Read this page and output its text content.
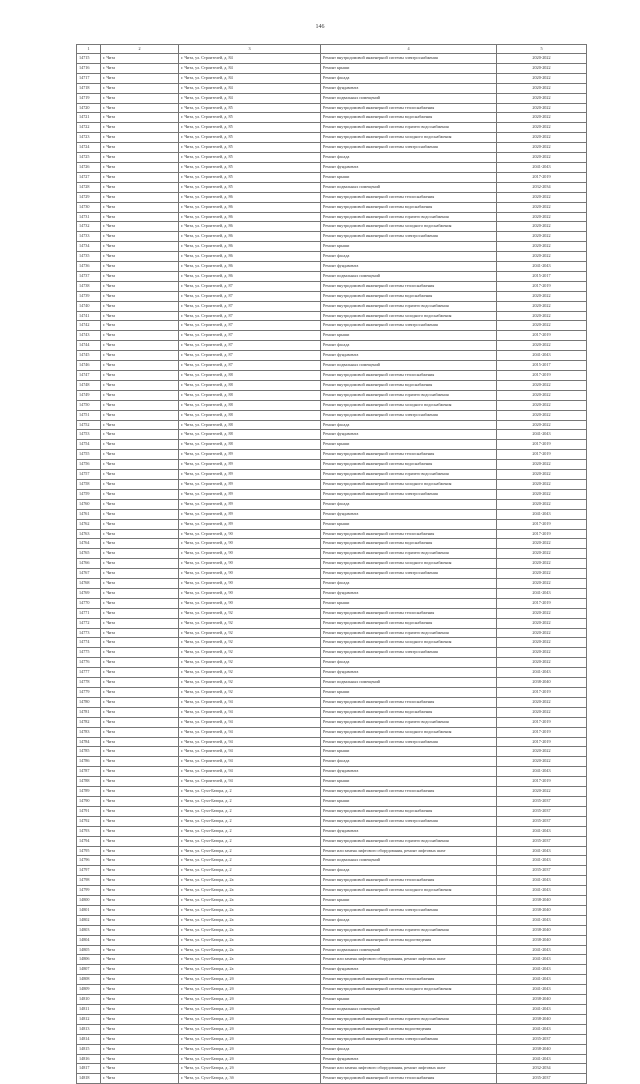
146
1	2	3	4	5
14715	г. Чита	г. Чита, ул. Строителей, д. 84	Ремонт внутридомовой инженерной системы электроснабжения	2020-2022
14716	г. Чита	г. Чита, ул. Строителей, д. 84	Ремонт крыши	2020-2022
14717	г. Чита	г. Чита, ул. Строителей, д. 84	Ремонт фасада	2020-2022
14718	г. Чита	г. Чита, ул. Строителей, д. 84	Ремонт фундамента	2020-2022
14719	г. Чита	г. Чита, ул. Строителей, д. 84	Ремонт подвальных помещений	2020-2022
14720	г. Чита	г. Чита, ул. Строителей, д. 85	Ремонт внутридомовой инженерной системы теплоснабжения	2020-2022
14721	г. Чита	г. Чита, ул. Строителей, д. 85	Ремонт внутридомовой инженерной системы водоснабжения	2020-2022
14722	г. Чита	г. Чита, ул. Строителей, д. 85	Ремонт внутридомовой инженерной системы горячего водоснабжения	2020-2022
14723	г. Чита	г. Чита, ул. Строителей, д. 85	Ремонт внутридомовой инженерной системы холодного водоснабжения	2020-2022
14724	г. Чита	г. Чита, ул. Строителей, д. 85	Ремонт внутридомовой инженерной системы электроснабжения	2020-2022
14725	г. Чита	г. Чита, ул. Строителей, д. 85	Ремонт фасада	2020-2022
14726	г. Чита	г. Чита, ул. Строителей, д. 85	Ремонт фундамента	2041-2043
14727	г. Чита	г. Чита, ул. Строителей, д. 85	Ремонт крыши	2017-2019
14728	г. Чита	г. Чита, ул. Строителей, д. 85	Ремонт подвальных помещений	2032-2034
14729	г. Чита	г. Чита, ул. Строителей, д. 86	Ремонт внутридомовой инженерной системы теплоснабжения	2020-2022
14730	г. Чита	г. Чита, ул. Строителей, д. 86	Ремонт внутридомовой инженерной системы водоснабжения	2020-2022
14731	г. Чита	г. Чита, ул. Строителей, д. 86	Ремонт внутридомовой инженерной системы горячего водоснабжения	2020-2022
14732	г. Чита	г. Чита, ул. Строителей, д. 86	Ремонт внутридомовой инженерной системы холодного водоснабжения	2020-2022
14733	г. Чита	г. Чита, ул. Строителей, д. 86	Ремонт внутридомовой инженерной системы электроснабжения	2020-2022
14734	г. Чита	г. Чита, ул. Строителей, д. 86	Ремонт крыши	2020-2022
14735	г. Чита	г. Чита, ул. Строителей, д. 86	Ремонт фасада	2020-2022
14736	г. Чита	г. Чита, ул. Строителей, д. 86	Ремонт фундамента	2041-2043
14737	г. Чита	г. Чита, ул. Строителей, д. 86	Ремонт подвальных помещений	2015-2017
14738	г. Чита	г. Чита, ул. Строителей, д. 87	Ремонт внутридомовой инженерной системы теплоснабжения	2017-2019
14739	г. Чита	г. Чита, ул. Строителей, д. 87	Ремонт внутридомовой инженерной системы водоснабжения	2020-2022
14740	г. Чита	г. Чита, ул. Строителей, д. 87	Ремонт внутридомовой инженерной системы горячего водоснабжения	2020-2022
14741	г. Чита	г. Чита, ул. Строителей, д. 87	Ремонт внутридомовой инженерной системы холодного водоснабжения	2020-2022
14742	г. Чита	г. Чита, ул. Строителей, д. 87	Ремонт внутридомовой инженерной системы электроснабжения	2020-2022
14743	г. Чита	г. Чита, ул. Строителей, д. 87	Ремонт крыши	2017-2019
14744	г. Чита	г. Чита, ул. Строителей, д. 87	Ремонт фасада	2020-2022
14745	г. Чита	г. Чита, ул. Строителей, д. 87	Ремонт фундамента	2041-2043
14746	г. Чита	г. Чита, ул. Строителей, д. 87	Ремонт подвальных помещений	2015-2017
14747	г. Чита	г. Чита, ул. Строителей, д. 88	Ремонт внутридомовой инженерной системы теплоснабжения	2017-2019
14748	г. Чита	г. Чита, ул. Строителей, д. 88	Ремонт внутридомовой инженерной системы водоснабжения	2020-2022
14749	г. Чита	г. Чита, ул. Строителей, д. 88	Ремонт внутридомовой инженерной системы горячего водоснабжения	2020-2022
14750	г. Чита	г. Чита, ул. Строителей, д. 88	Ремонт внутридомовой инженерной системы холодного водоснабжения	2020-2022
14751	г. Чита	г. Чита, ул. Строителей, д. 88	Ремонт внутридомовой инженерной системы электроснабжения	2020-2022
14752	г. Чита	г. Чита, ул. Строителей, д. 88	Ремонт фасада	2020-2022
14753	г. Чита	г. Чита, ул. Строителей, д. 88	Ремонт фундамента	2041-2043
14754	г. Чита	г. Чита, ул. Строителей, д. 88	Ремонт крыши	2017-2019
14755	г. Чита	г. Чита, ул. Строителей, д. 89	Ремонт внутридомовой инженерной системы теплоснабжения	2017-2019
14756	г. Чита	г. Чита, ул. Строителей, д. 89	Ремонт внутридомовой инженерной системы водоснабжения	2020-2022
14757	г. Чита	г. Чита, ул. Строителей, д. 89	Ремонт внутридомовой инженерной системы горячего водоснабжения	2020-2022
14758	г. Чита	г. Чита, ул. Строителей, д. 89	Ремонт внутридомовой инженерной системы холодного водоснабжения	2020-2022
14759	г. Чита	г. Чита, ул. Строителей, д. 89	Ремонт внутридомовой инженерной системы электроснабжения	2020-2022
14760	г. Чита	г. Чита, ул. Строителей, д. 89	Ремонт фасада	2020-2022
14761	г. Чита	г. Чита, ул. Строителей, д. 89	Ремонт фундамента	2041-2043
14762	г. Чита	г. Чита, ул. Строителей, д. 89	Ремонт крыши	2017-2019
14763	г. Чита	г. Чита, ул. Строителей, д. 90	Ремонт внутридомовой инженерной системы теплоснабжения	2017-2019
14764	г. Чита	г. Чита, ул. Строителей, д. 90	Ремонт внутридомовой инженерной системы водоснабжения	2020-2022
14765	г. Чита	г. Чита, ул. Строителей, д. 90	Ремонт внутридомовой инженерной системы горячего водоснабжения	2020-2022
14766	г. Чита	г. Чита, ул. Строителей, д. 90	Ремонт внутридомовой инженерной системы холодного водоснабжения	2020-2022
14767	г. Чита	г. Чита, ул. Строителей, д. 90	Ремонт внутридомовой инженерной системы электроснабжения	2020-2022
14768	г. Чита	г. Чита, ул. Строителей, д. 90	Ремонт фасада	2020-2022
14769	г. Чита	г. Чита, ул. Строителей, д. 90	Ремонт фундамента	2041-2043
14770	г. Чита	г. Чита, ул. Строителей, д. 90	Ремонт крыши	2017-2019
14771	г. Чита	г. Чита, ул. Строителей, д. 92	Ремонт внутридомовой инженерной системы теплоснабжения	2020-2022
14772	г. Чита	г. Чита, ул. Строителей, д. 92	Ремонт внутридомовой инженерной системы водоснабжения	2020-2022
14773	г. Чита	г. Чита, ул. Строителей, д. 92	Ремонт внутридомовой инженерной системы горячего водоснабжения	2020-2022
14774	г. Чита	г. Чита, ул. Строителей, д. 92	Ремонт внутридомовой инженерной системы холодного водоснабжения	2020-2022
14775	г. Чита	г. Чита, ул. Строителей, д. 92	Ремонт внутридомовой инженерной системы электроснабжения	2020-2022
14776	г. Чита	г. Чита, ул. Строителей, д. 92	Ремонт фасада	2020-2022
14777	г. Чита	г. Чита, ул. Строителей, д. 92	Ремонт фундамента	2041-2043
14778	г. Чита	г. Чита, ул. Строителей, д. 92	Ремонт подвальных помещений	2038-2040
14779	г. Чита	г. Чита, ул. Строителей, д. 92	Ремонт крыши	2017-2019
14780	г. Чита	г. Чита, ул. Строителей, д. 94	Ремонт внутридомовой инженерной системы теплоснабжения	2020-2022
14781	г. Чита	г. Чита, ул. Строителей, д. 94	Ремонт внутридомовой инженерной системы водоснабжения	2020-2022
14782	г. Чита	г. Чита, ул. Строителей, д. 94	Ремонт внутридомовой инженерной системы горячего водоснабжения	2017-2019
14783	г. Чита	г. Чита, ул. Строителей, д. 94	Ремонт внутридомовой инженерной системы холодного водоснабжения	2017-2019
14784	г. Чита	г. Чита, ул. Строителей, д. 94	Ремонт внутридомовой инженерной системы электроснабжения	2017-2019
14785	г. Чита	г. Чита, ул. Строителей, д. 94	Ремонт крыши	2020-2022
14786	г. Чита	г. Чита, ул. Строителей, д. 94	Ремонт фасада	2020-2022
14787	г. Чита	г. Чита, ул. Строителей, д. 94	Ремонт фундамента	2041-2043
14788	г. Чита	г. Чита, ул. Строителей, д. 94	Ремонт крыши	2017-2019
14789	г. Чита	г. Чита, ул. Сухэ-Батора, д. 2	Ремонт внутридомовой инженерной системы теплоснабжения	2020-2022
14790	г. Чита	г. Чита, ул. Сухэ-Батора, д. 2	Ремонт крыши	2035-2037
14791	г. Чита	г. Чита, ул. Сухэ-Батора, д. 2	Ремонт внутридомовой инженерной системы водоснабжения	2035-2037
14792	г. Чита	г. Чита, ул. Сухэ-Батора, д. 2	Ремонт внутридомовой инженерной системы электроснабжения	2035-2037
14793	г. Чита	г. Чита, ул. Сухэ-Батора, д. 2	Ремонт фундамента	2041-2043
14794	г. Чита	г. Чита, ул. Сухэ-Батора, д. 2	Ремонт внутридомовой инженерной системы горячего водоснабжения	2035-2037
14795	г. Чита	г. Чита, ул. Сухэ-Батора, д. 2	Ремонт или замена лифтового оборудования, ремонт лифтовых шахт	2041-2043
14796	г. Чита	г. Чита, ул. Сухэ-Батора, д. 2	Ремонт подвальных помещений	2041-2043
14797	г. Чита	г. Чита, ул. Сухэ-Батора, д. 2	Ремонт фасада	2035-2037
14798	г. Чита	г. Чита, ул. Сухэ-Батора, д. 2а	Ремонт внутридомовой инженерной системы теплоснабжения	2041-2043
14799	г. Чита	г. Чита, ул. Сухэ-Батора, д. 2а	Ремонт внутридомовой инженерной системы холодного водоснабжения	2041-2043
14800	г. Чита	г. Чита, ул. Сухэ-Батора, д. 2а	Ремонт крыши	2038-2040
14801	г. Чита	г. Чита, ул. Сухэ-Батора, д. 2а	Ремонт внутридомовой инженерной системы электроснабжения	2038-2040
14802	г. Чита	г. Чита, ул. Сухэ-Батора, д. 2а	Ремонт фасада	2041-2043
14803	г. Чита	г. Чита, ул. Сухэ-Батора, д. 2а	Ремонт внутридомовой инженерной системы горячего водоснабжения	2038-2040
14804	г. Чита	г. Чита, ул. Сухэ-Батора, д. 2а	Ремонт внутридомовой инженерной системы водоотведения	2038-2040
14805	г. Чита	г. Чита, ул. Сухэ-Батора, д. 2а	Ремонт подвальных помещений	2041-2043
14806	г. Чита	г. Чита, ул. Сухэ-Батора, д. 2а	Ремонт или замена лифтового оборудования, ремонт лифтовых шахт	2041-2043
14807	г. Чита	г. Чита, ул. Сухэ-Батора, д. 2а	Ремонт фундамента	2041-2043
14808	г. Чита	г. Чита, ул. Сухэ-Батора, д. 2б	Ремонт внутридомовой инженерной системы теплоснабжения	2041-2043
14809	г. Чита	г. Чита, ул. Сухэ-Батора, д. 2б	Ремонт внутридомовой инженерной системы холодного водоснабжения	2041-2043
14810	г. Чита	г. Чита, ул. Сухэ-Батора, д. 2б	Ремонт крыши	2038-2040
14811	г. Чита	г. Чита, ул. Сухэ-Батора, д. 2б	Ремонт подвальных помещений	2041-2043
14812	г. Чита	г. Чита, ул. Сухэ-Батора, д. 2б	Ремонт внутридомовой инженерной системы горячего водоснабжения	2038-2040
14813	г. Чита	г. Чита, ул. Сухэ-Батора, д. 2б	Ремонт внутридомовой инженерной системы водоотведения	2041-2043
14814	г. Чита	г. Чита, ул. Сухэ-Батора, д. 2б	Ремонт внутридомовой инженерной системы электроснабжения	2035-2037
14815	г. Чита	г. Чита, ул. Сухэ-Батора, д. 2б	Ремонт фасада	2038-2040
14816	г. Чита	г. Чита, ул. Сухэ-Батора, д. 2б	Ремонт фундамента	2041-2043
14817	г. Чита	г. Чита, ул. Сухэ-Батора, д. 2б	Ремонт или замена лифтового оборудования, ремонт лифтовых шахт	2032-2034
14818	г. Чита	г. Чита, ул. Сухэ-Батора, д. 3б	Ремонт внутридомовой инженерной системы теплоснабжения	2035-2037
